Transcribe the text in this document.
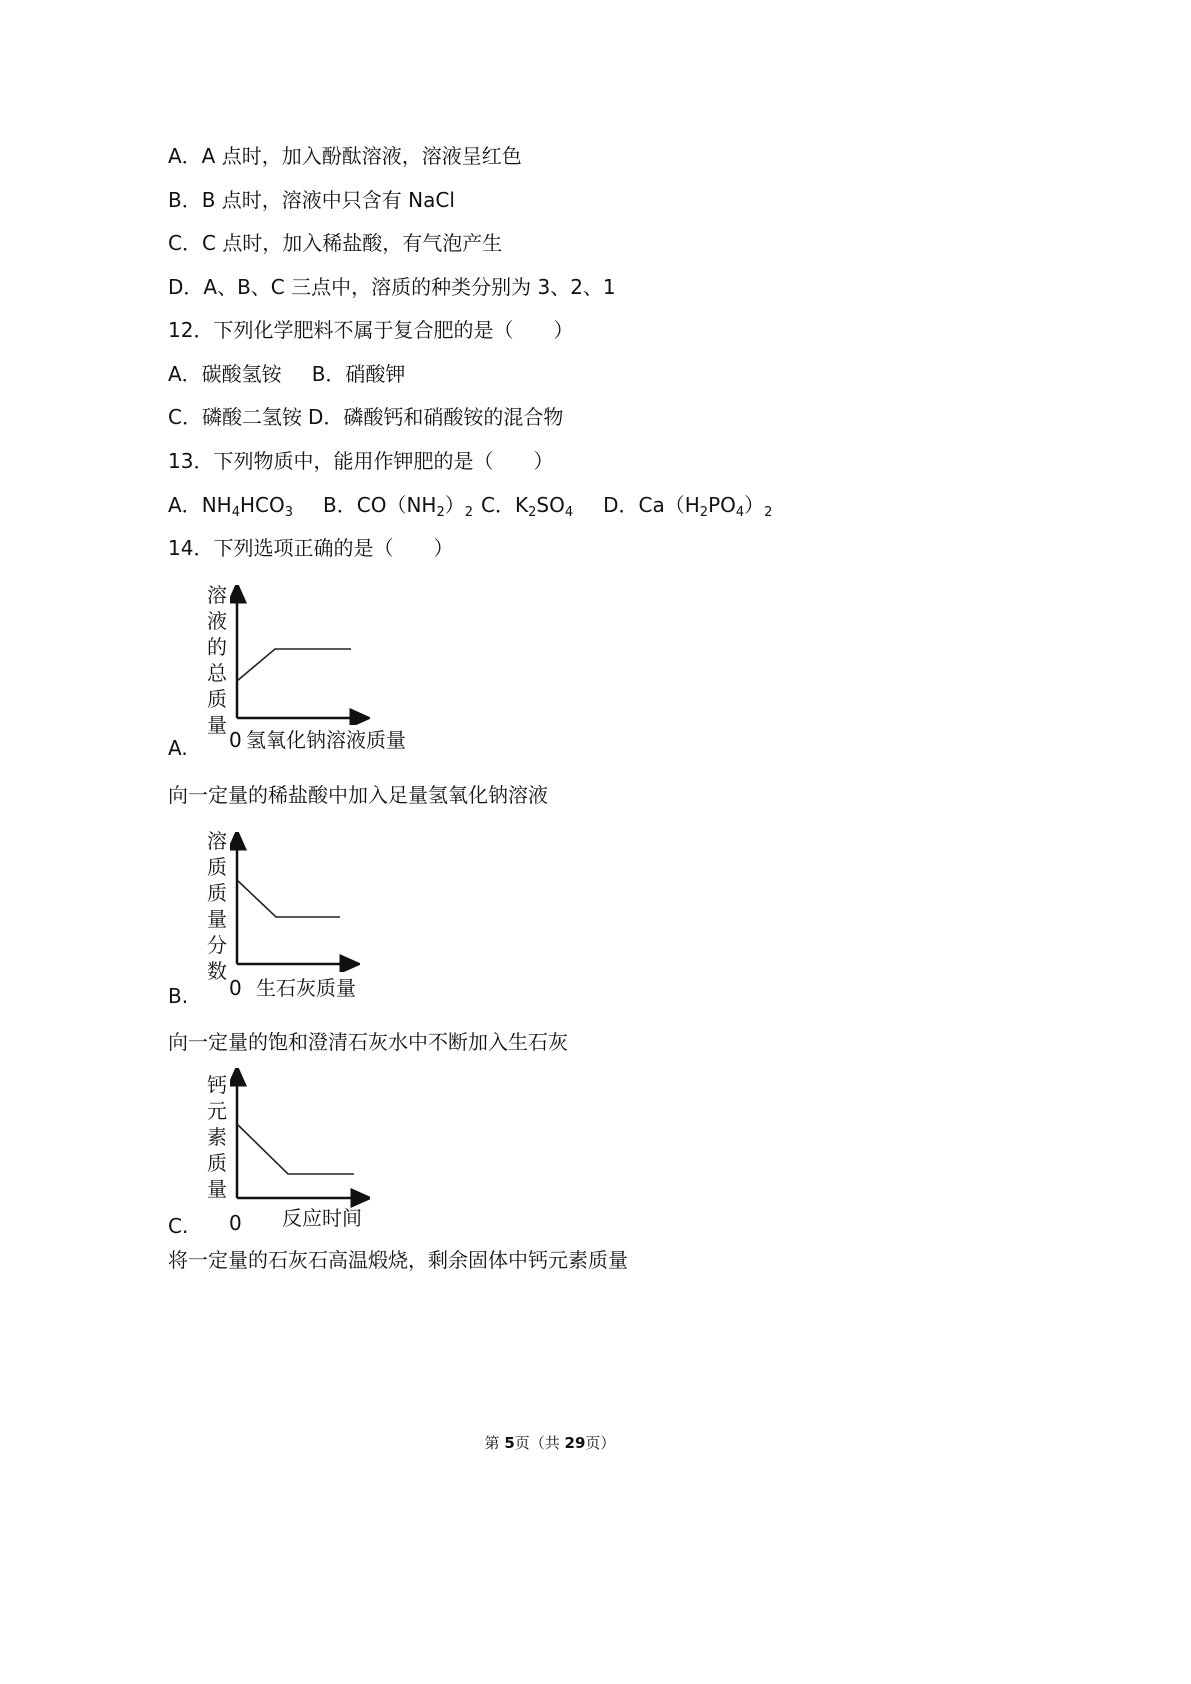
A．A 点时，加入酚酞溶液，溶液呈红色
B．B 点时，溶液中只含有 NaCl
C．C 点时，加入稀盐酸，有气泡产生
D．A、B、C 三点中，溶质的种类分别为 3、2、1
12．下列化学肥料不属于复合肥的是（　　）
A．碳酸氢铵 B．硝酸钾
C．磷酸二氢铵 D．磷酸钙和硝酸铵的混合物
13．下列物质中，能用作钾肥的是（　　）
A．$NH_4HCO_3$ B．$CO(NH_2)_2$ C．$K_2SO_4$ D．$Ca(H_2PO_4)_2$
14．下列选项正确的是（　　）
溶
液
的
总
质
量
0 氢氧化钠溶液质量
A.
向一定量的稀盐酸中加入足量氢氧化钠溶液
溶
质
质
量
分
数
0 生石灰质量
B.
向一定量的饱和澄清石灰水中不断加入生石灰
钙
元
素
质
量
0 反应时间
C.
将一定量的石灰石高温煅烧，剩余固体中钙元素质量
第 5页（共 29页）
